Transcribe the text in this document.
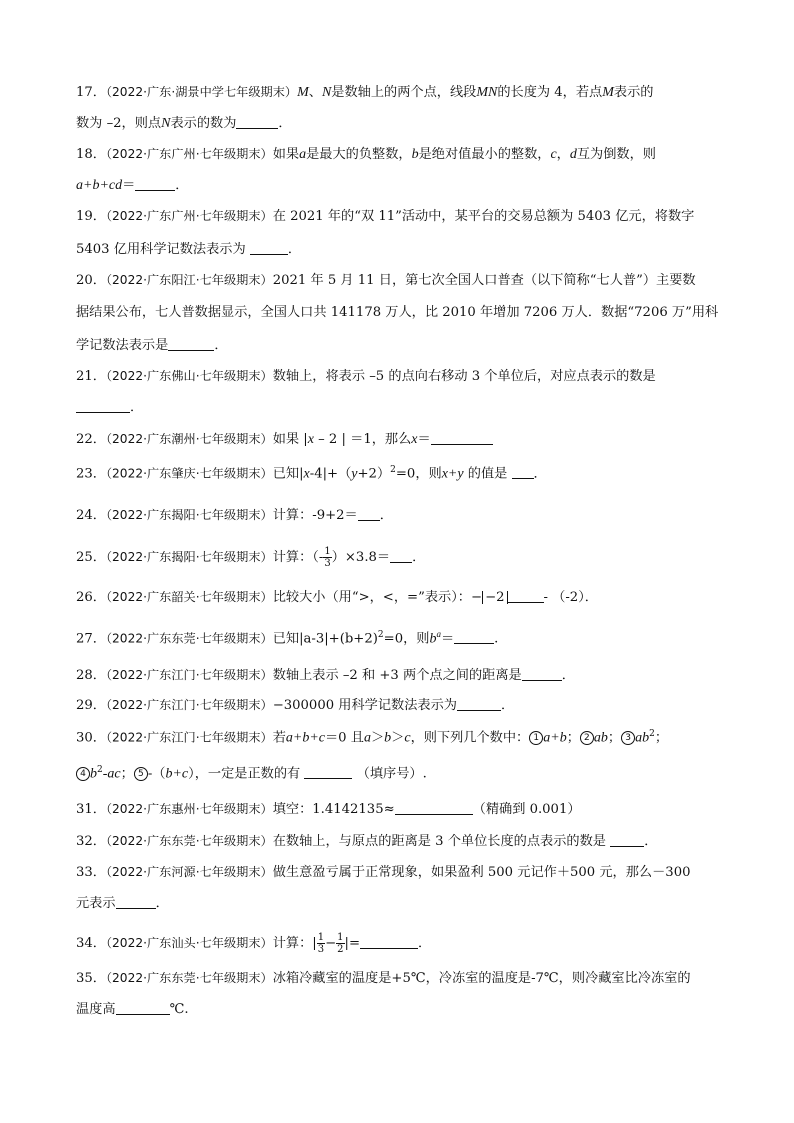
17．（2022·广东·湖景中学七年级期末）M、N是数轴上的两个点，线段MN的长度为 4，若点M表示的
数为 –2，则点N表示的数为	．
18．（2022·广东广州·七年级期末）如果a是最大的负整数，b是绝对值最小的整数，c，d互为倒数，则
a+b+cd＝	．
19．（2022·广东广州·七年级期末）在 2021 年的“双 11”活动中，某平台的交易总额为 5403 亿元，将数字
5403 亿用科学记数法表示为	．
20．（2022·广东阳江·七年级期末）2021 年 5 月 11 日，第七次全国人口普查（以下简称“七人普”）主要数
据结果公布，七人普数据显示，全国人口共 141178 万人，比 2010 年增加 7206 万人．数据“7206 万”用科
学记数法表示是	．
21．（2022·广东佛山·七年级期末）数轴上，将表示 –5 的点向右移动 3 个单位后，对应点表示的数是
．
22．（2022·广东潮州·七年级期末）如果 |x – 2 | ＝1，那么x＝
23．（2022·广东肇庆·七年级期末）已知$|x-4|+(y+2)^2=0$，则x+y 的值是 ．
24．（2022·广东揭阳·七年级期末）计算：-9+2＝ ．
25．（2022·广东揭阳·七年级期末）计算：（- $\frac{1}{3} )\times 3.8=$ ．
26．（2022·广东韶关·七年级期末）比较大小（用“>，<，=”表示）：− −2	- （-2）．
27．（2022·广东东莞·七年级期末）已知$|a-3|+(b+2)^2=0$，则$b^a=$	.
28．（2022·广东江门·七年级期末）数轴上表示 –2 和 +3 两个点之间的距离是	．
29．（2022·广东江门·七年级期末）−300000 用科学记数法表示为	．
30．（2022·广东江门·七年级期末）若a+b+c＝0 且a＞b＞c，则下列几个数中： 1 a+b； 2 ab； 3 $ab^2$；
4 $b^2-ac$； 5 -（b+c），一定是正数的有	（填序号）.
31．（2022·广东惠州·七年级期末）填空：1.4142135≈	（精确到 0.001）
32．（2022·广东东莞·七年级期末）在数轴上，与原点的距离是 3 个单位长度的点表示的数是	．
33．（2022·广东河源·七年级期末）做生意盈亏属于正常现象，如果盈利 500 元记作＋500 元，那么－300
元表示	．
34．（2022·广东汕头·七年级期末）计算：| $\frac{1}{3} - \frac{1}{2}$ |=	．
35．（2022·广东东莞·七年级期末）冰箱冷藏室的温度是+5℃，冷冻室的温度是-7℃，则冷藏室比冷冻室的
温度高	℃.
